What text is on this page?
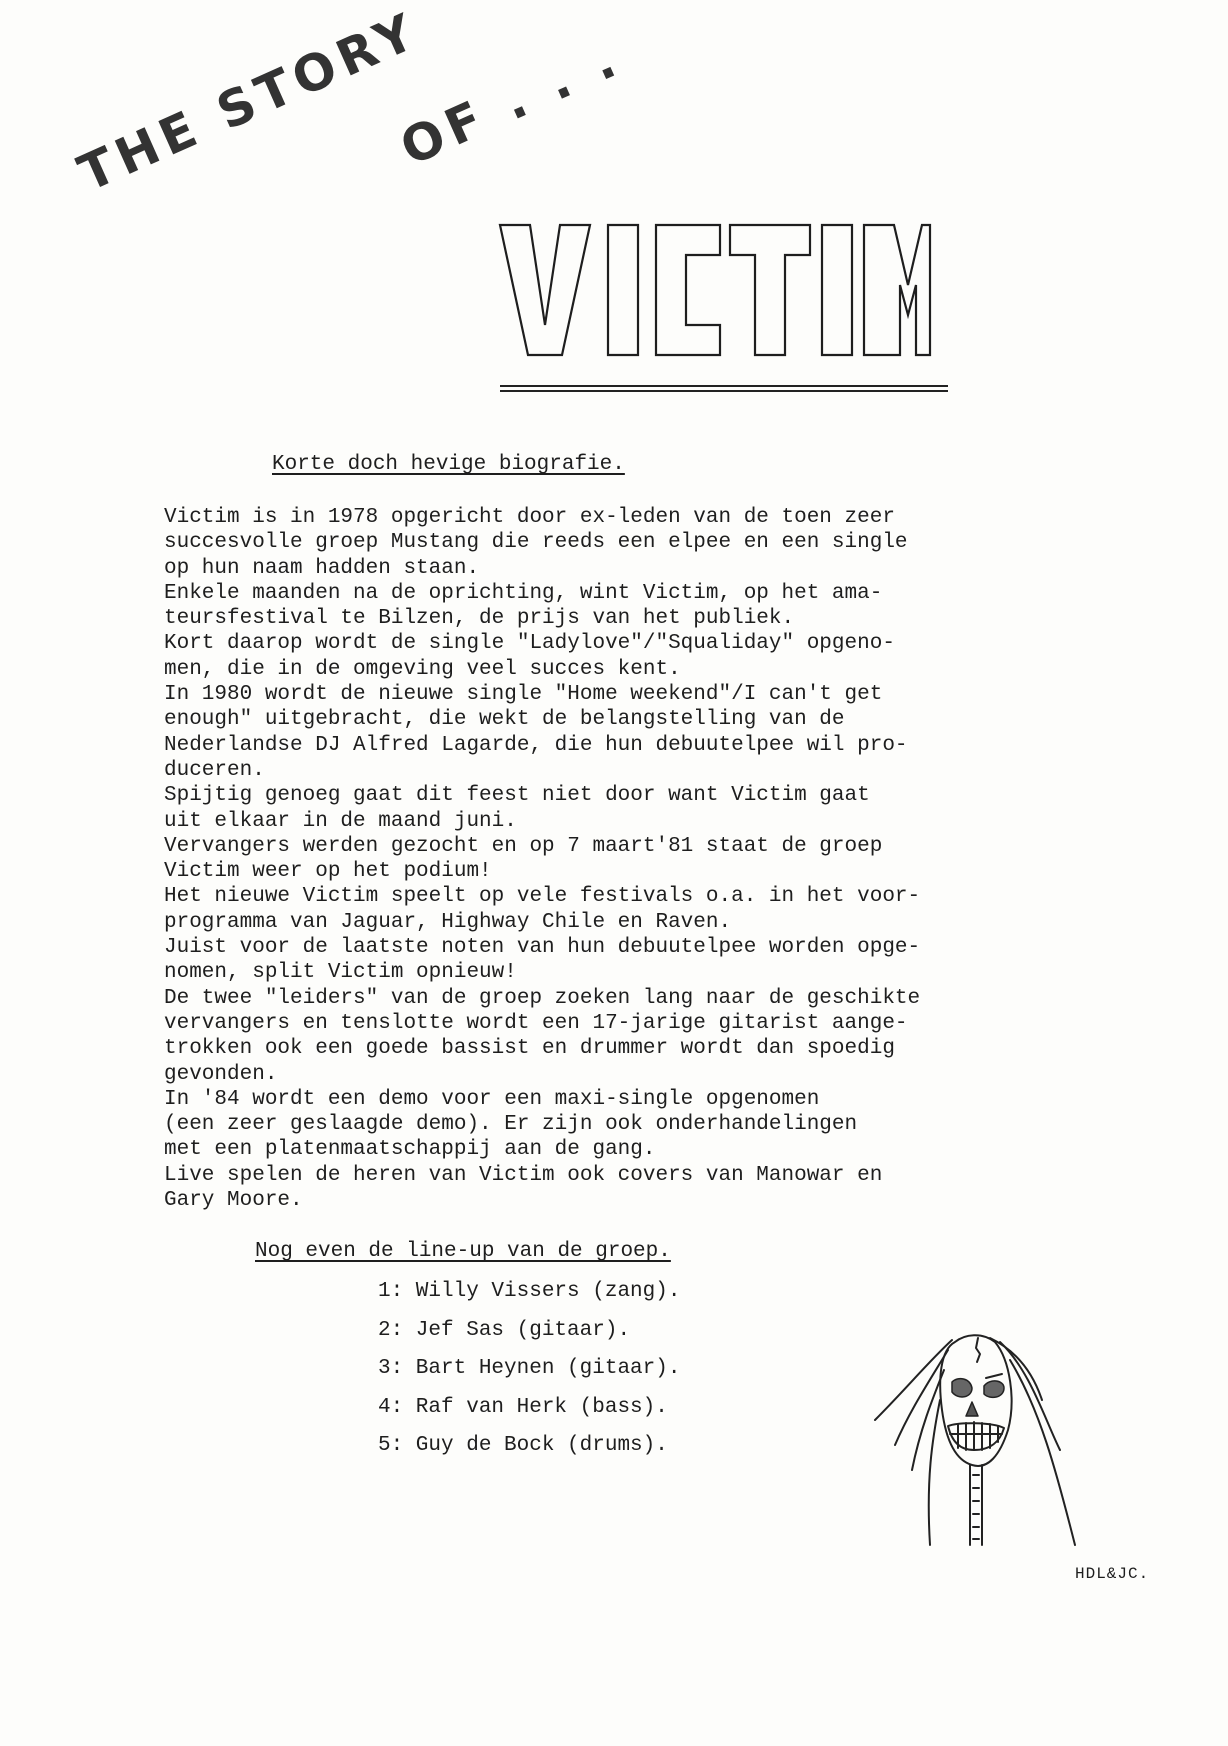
THE STORY
OF . . .
Korte doch hevige biografie.

Victim is in 1978 opgericht door ex-leden van de toen zeer

succesvolle groep Mustang die reeds een elpee en een single

op hun naam hadden staan.

Enkele maanden na de oprichting, wint Victim, op het ama-

teursfestival te Bilzen, de prijs van het publiek.

Kort daarop wordt de single "Ladylove"/"Squaliday" opgeno-

men, die in de omgeving veel succes kent.

In 1980 wordt de nieuwe single "Home weekend"/I can't get

enough" uitgebracht, die wekt de belangstelling van de

Nederlandse DJ Alfred Lagarde, die hun debuutelpee wil pro-

duceren.

Spijtig genoeg gaat dit feest niet door want Victim gaat

uit elkaar in de maand juni.

Vervangers werden gezocht en op 7 maart'81 staat de groep

Victim weer op het podium!

Het nieuwe Victim speelt op vele festivals o.a. in het voor-

programma van Jaguar, Highway Chile en Raven.

Juist voor de laatste noten van hun debuutelpee worden opge-

nomen, split Victim opnieuw!

De twee "leiders" van de groep zoeken lang naar de geschikte

vervangers en tenslotte wordt een 17-jarige gitarist aange-

trokken ook een goede bassist en drummer wordt dan spoedig

gevonden.

In '84 wordt een demo voor een maxi-single opgenomen

(een zeer geslaagde demo). Er zijn ook onderhandelingen

met een platenmaatschappij aan de gang.

Live spelen de heren van Victim ook covers van Manowar en

Gary Moore.

Nog even de line-up van de groep.
1: Willy Vissers (zang).
2: Jef Sas (gitaar).
3: Bart Heynen (gitaar).
4: Raf van Herk (bass).
5: Guy de Bock (drums).
HDL&JC.
